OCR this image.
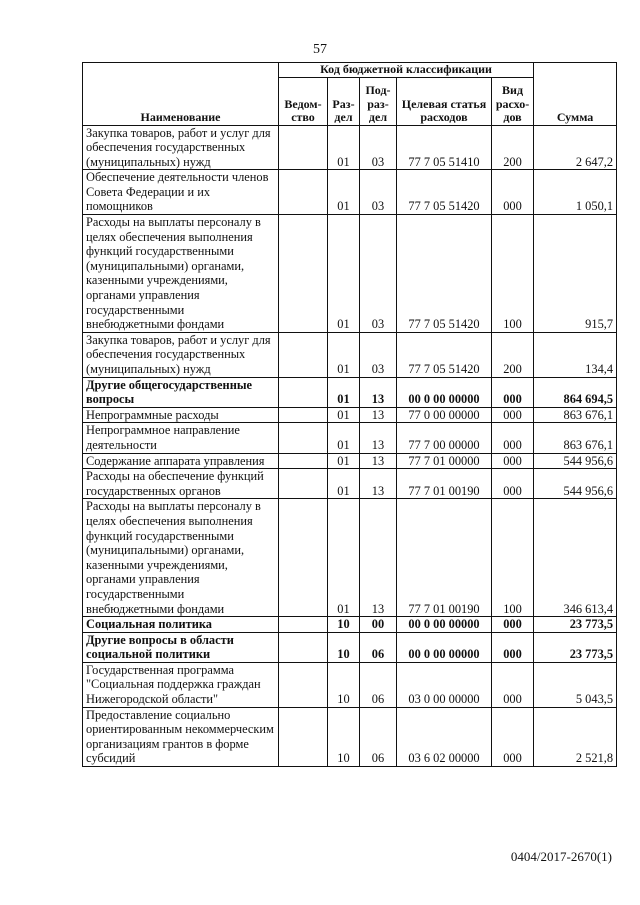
57
Наименование	Код бюджетной классификации					Сумма
	Ведом-ство	Раз-дел	Под-раз-дел	Целевая статья расходов	Вид расхо-дов	
Закупка товаров, работ и услуг для обеспечения государственных (муниципальных) нужд		01	03	77 7 05 51410	200	2 647,2
Обеспечение деятельности членов Совета Федерации и их помощников		01	03	77 7 05 51420	000	1 050,1
Расходы на выплаты персоналу в целях обеспечения выполнения функций государственными (муниципальными) органами, казенными учреждениями, органами управления государственными внебюджетными фондами		01	03	77 7 05 51420	100	915,7
Закупка товаров, работ и услуг для обеспечения государственных (муниципальных) нужд		01	03	77 7 05 51420	200	134,4
Другие общегосударственные вопросы		01	13	00 0 00 00000	000	864 694,5
Непрограммные расходы		01	13	77 0 00 00000	000	863 676,1
Непрограммное направление деятельности		01	13	77 7 00 00000	000	863 676,1
Содержание аппарата управления		01	13	77 7 01 00000	000	544 956,6
Расходы на обеспечение функций государственных органов		01	13	77 7 01 00190	000	544 956,6
Расходы на выплаты персоналу в целях обеспечения выполнения функций государственными (муниципальными) органами, казенными учреждениями, органами управления государственными внебюджетными фондами		01	13	77 7 01 00190	100	346 613,4
Социальная политика		10	00	00 0 00 00000	000	23 773,5
Другие вопросы в области социальной политики		10	06	00 0 00 00000	000	23 773,5
Государственная программа "Социальная поддержка граждан Нижегородской области"		10	06	03 0 00 00000	000	5 043,5
Предоставление социально ориентированным некоммерческим организациям грантов в форме субсидий		10	06	03 6 02 00000	000	2 521,8
0404/2017-2670(1)
